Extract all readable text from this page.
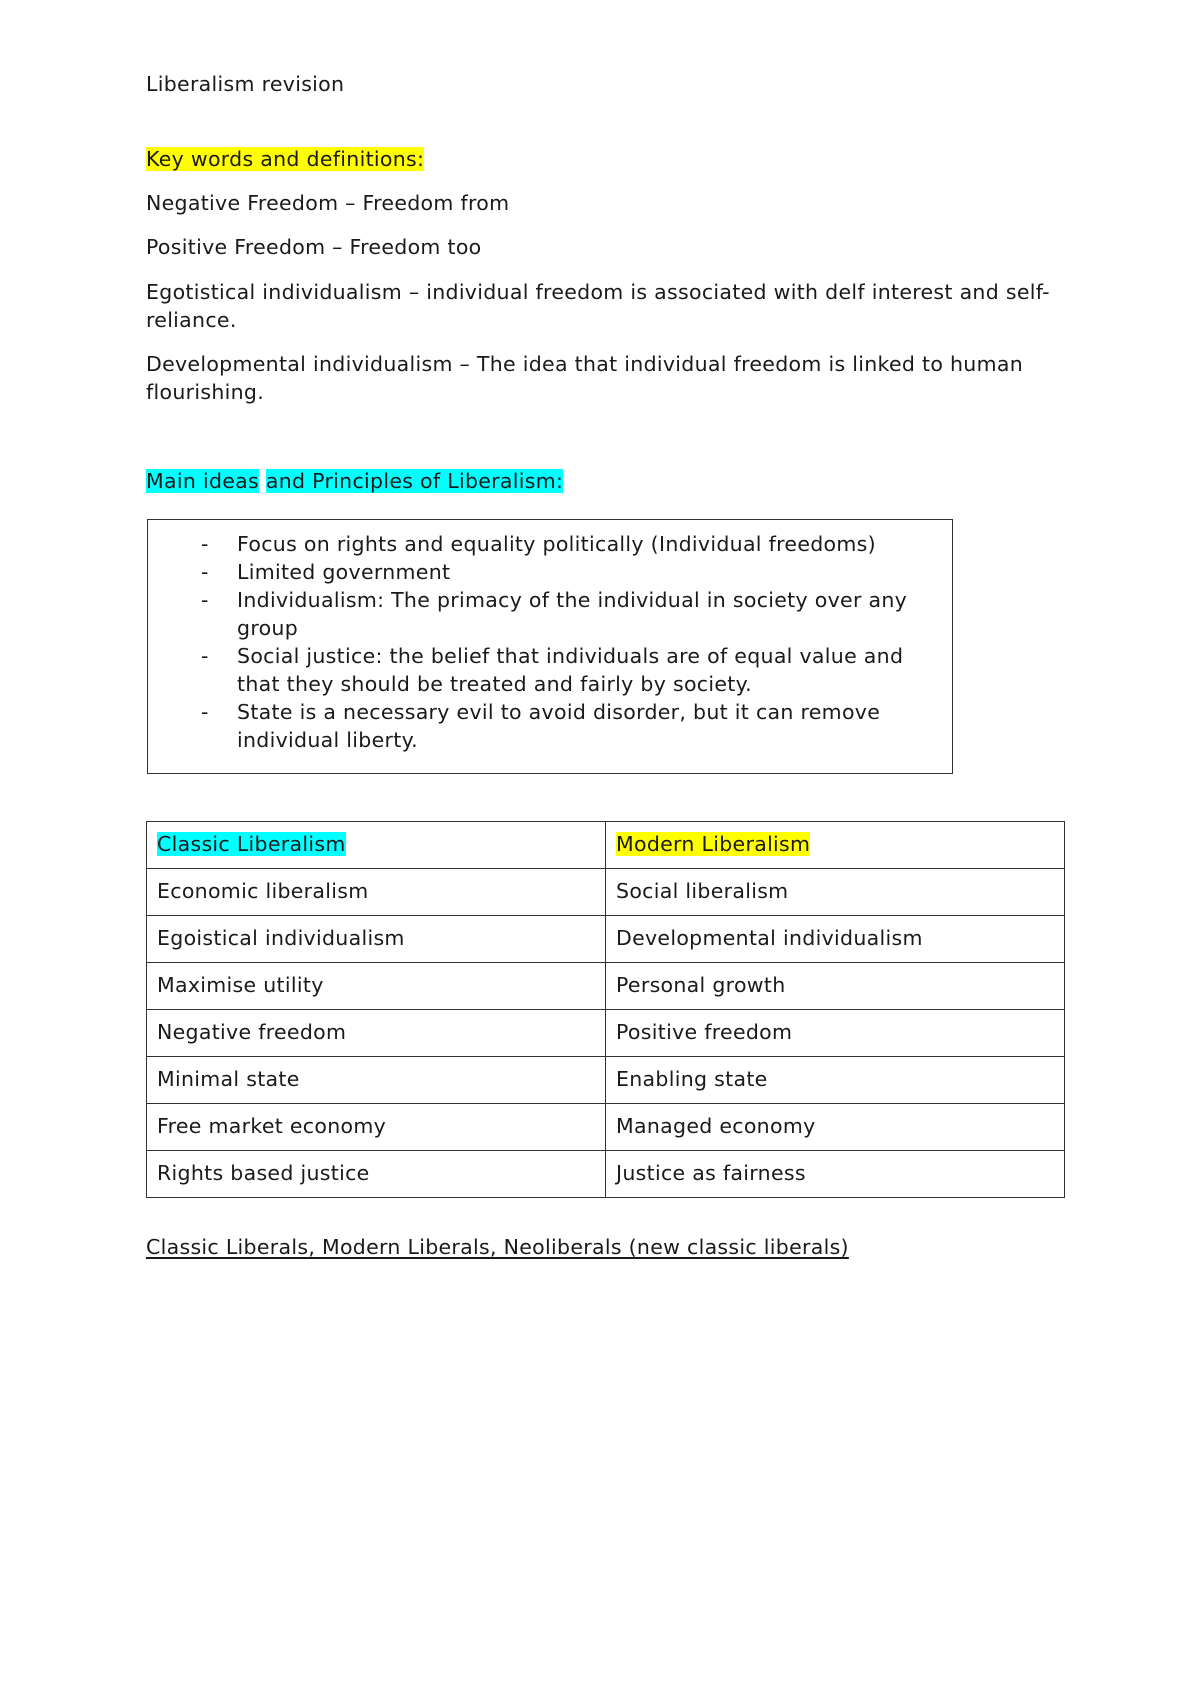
Liberalism revision
Key words and definitions:
Negative Freedom – Freedom from
Positive Freedom – Freedom too
Egotistical individualism – individual freedom is associated with delf interest and self-reliance.
Developmental individualism – The idea that individual freedom is linked to human flourishing.
Main ideas and Principles of Liberalism:
- Focus on rights and equality politically (Individual freedoms)
- Limited government
- Individualism: The primacy of the individual in society over any group
- Social justice: the belief that individuals are of equal value and that they should be treated and fairly by society.
- State is a necessary evil to avoid disorder, but it can remove individual liberty.
Classic Liberalism	Modern Liberalism
Economic liberalism	Social liberalism
Egoistical individualism	Developmental individualism
Maximise utility	Personal growth
Negative freedom	Positive freedom
Minimal state	Enabling state
Free market economy	Managed economy
Rights based justice	Justice as fairness
Classic Liberals, Modern Liberals, Neoliberals (new classic liberals)
